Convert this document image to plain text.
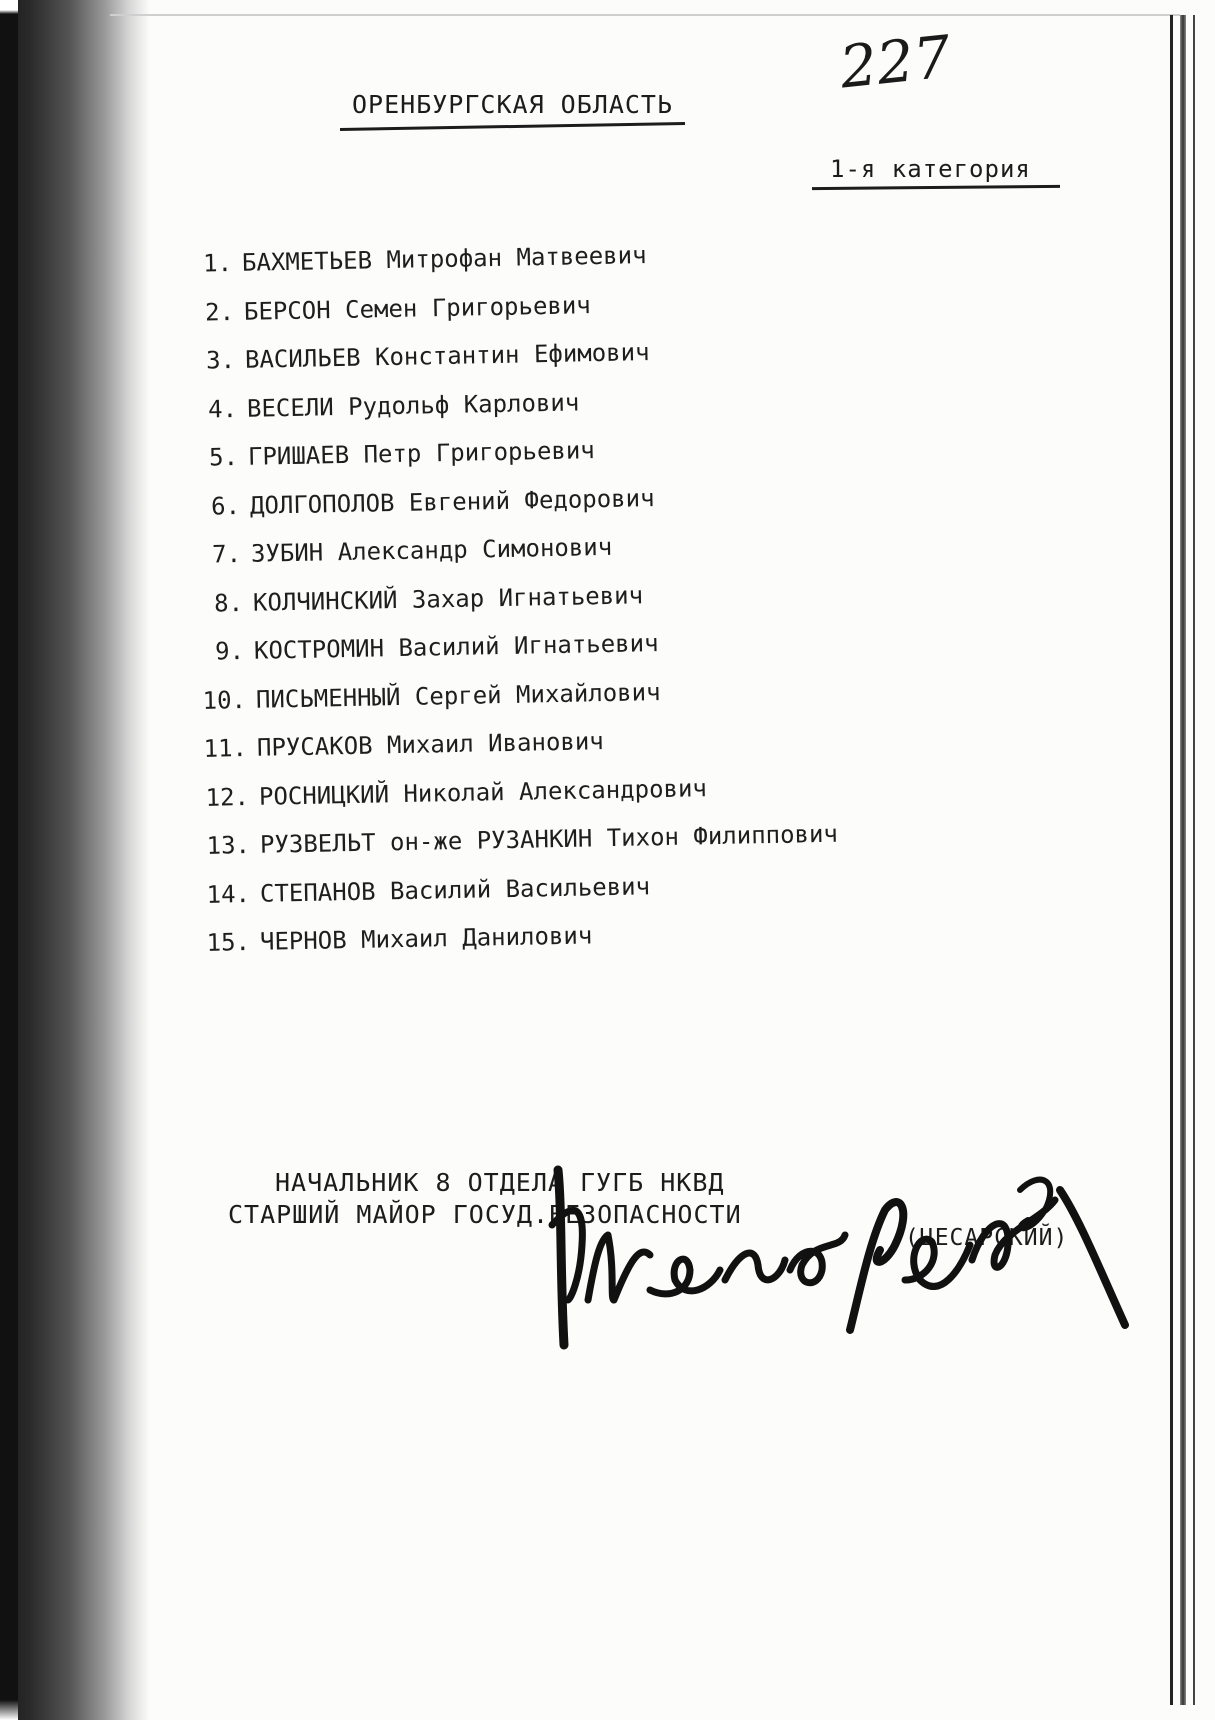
227
ОРЕНБУРГСКАЯ ОБЛАСТЬ
1-я категория
1. БАХМЕТЬЕВ Митрофан Матвеевич
2. БЕРСОН Семен Григорьевич
3. ВАСИЛЬЕВ Константин Ефимович
4. ВЕСЕЛИ Рудольф Карлович
5. ГРИШАЕВ Петр Григорьевич
6. ДОЛГОПОЛОВ Евгений Федорович
7. ЗУБИН Александр Симонович
8. КОЛЧИНСКИЙ Захар Игнатьевич
9. КОСТРОМИН Василий Игнатьевич
10. ПИСЬМЕННЫЙ Сергей Михайлович
11. ПРУСАКОВ Михаил Иванович
12. РОСНИЦКИЙ Николай Александрович
13. РУЗВЕЛЬТ он-же РУЗАНКИН Тихон Филиппович
14. СТЕПАНОВ Василий Васильевич
15. ЧЕРНОВ Михаил Данилович
НАЧАЛЬНИК 8 ОТДЕЛА ГУГБ НКВД
СТАРШИЙ МАЙОР ГОСУД.БЕЗОПАСНОСТИ
(ЦЕСАРСКИЙ)
